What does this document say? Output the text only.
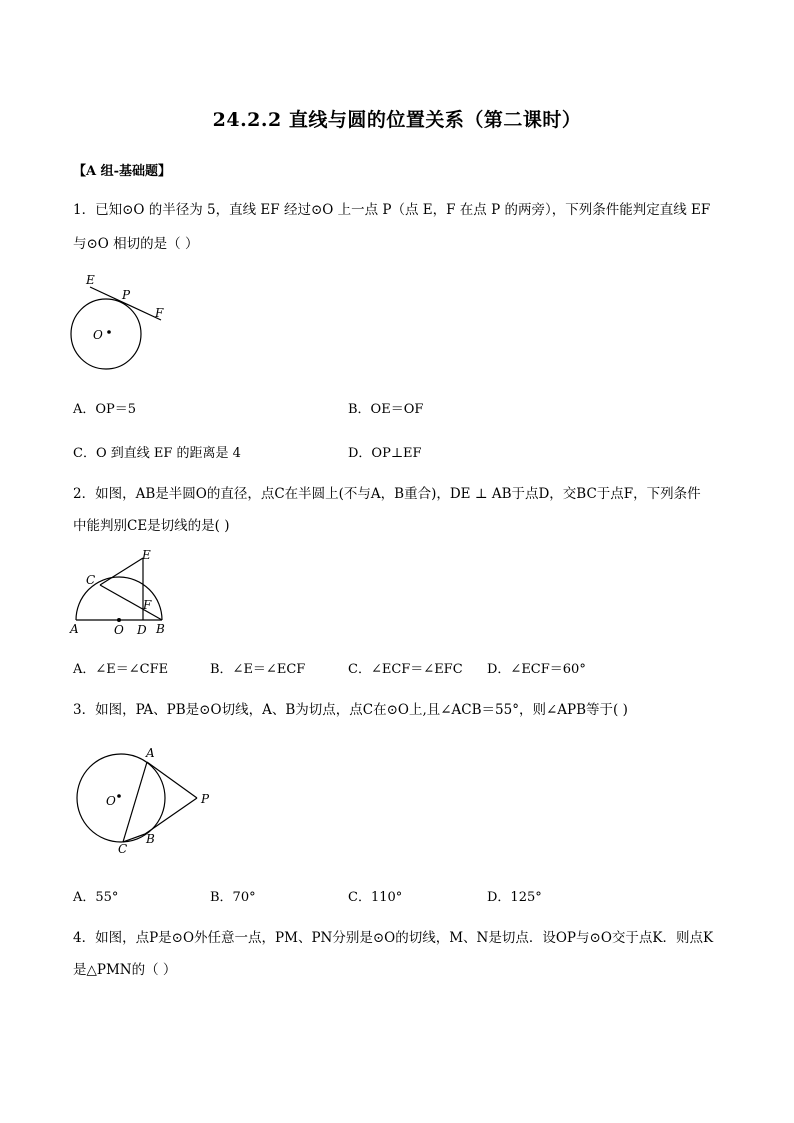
24.2.2 直线与圆的位置关系（第二课时）
【A 组-基础题】
1．已知⊙O 的半径为 5，直线 EF 经过⊙O 上一点 P（点 E，F 在点 P 的两旁），下列条件能判定直线 EF
与⊙O 相切的是（ ）
E
P
F
O
A．OP＝5	B．OE＝OF
C．O 到直线 EF 的距离是 4	D．OP⊥EF
2．如图，AB是半圆O的直径，点C在半圆上(不与A，B重合)，DE ⊥ AB于点D，交BC于点F，下列条件
中能判别CE是切线的是( )
A	O D B
C
E
F
A．∠E＝∠CFE	B．∠E＝∠ECF	C．∠ECF＝∠EFC D．∠ECF＝60°
3．如图，PA、PB是⊙O切线，A、B为切点，点C在⊙O上,且∠ACB＝55°，则∠APB等于( )
A
O	P
B
C
A．55°	B．70°	C．110°	D．125°
4．如图，点P是⊙O外任意一点，PM、PN分别是⊙O的切线，M、N是切点．设OP与⊙O交于点K．则点K
是△PMN的（ ）
